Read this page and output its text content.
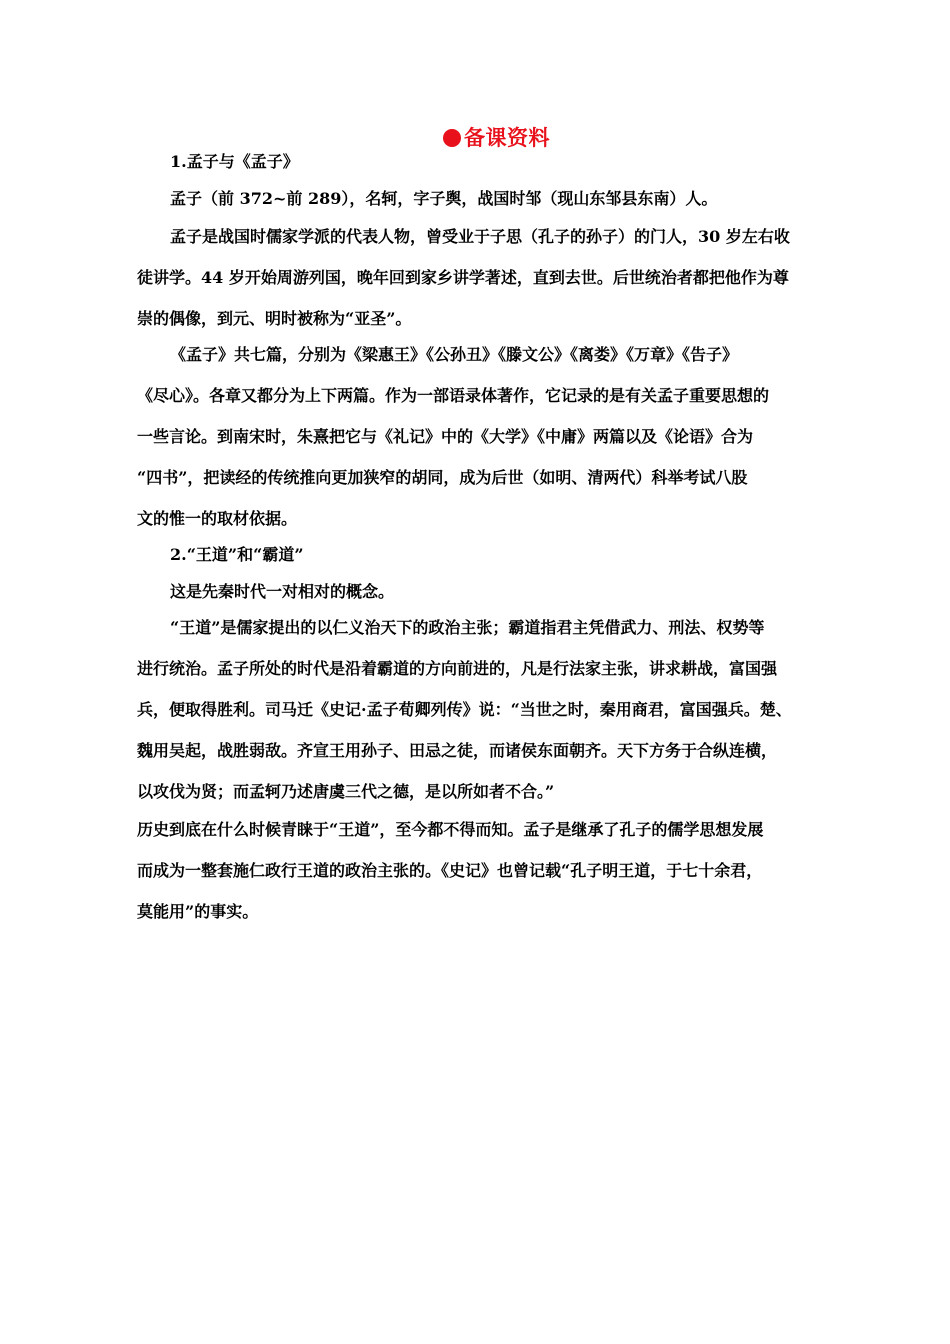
备课资料
1.孟子与《孟子》
孟子（前 372~前 289），名轲，字子舆，战国时邹（现山东邹县东南）人。
孟子是战国时儒家学派的代表人物，曾受业于子思（孔子的孙子）的门人，30 岁左右收
徒讲学。44 岁开始周游列国，晚年回到家乡讲学著述，直到去世。后世统治者都把他作为尊
崇的偶像，到元、明时被称为“亚圣”。
《孟子》共七篇，分别为《梁惠王》《公孙丑》《滕文公》《离娄》《万章》《告子》
《尽心》。各章又都分为上下两篇。作为一部语录体著作，它记录的是有关孟子重要思想的
一些言论。到南宋时，朱熹把它与《礼记》中的《大学》《中庸》两篇以及《论语》合为
“四书”，把读经的传统推向更加狭窄的胡同，成为后世（如明、清两代）科举考试八股
文的惟一的取材依据。
2.“王道”和“霸道”
这是先秦时代一对相对的概念。
“王道”是儒家提出的以仁义治天下的政治主张；霸道指君主凭借武力、刑法、权势等
进行统治。孟子所处的时代是沿着霸道的方向前进的，凡是行法家主张，讲求耕战，富国强
兵，便取得胜利。司马迁《史记·孟子荀卿列传》说：“当世之时，秦用商君，富国强兵。楚、
魏用吴起，战胜弱敌。齐宣王用孙子、田忌之徒，而诸侯东面朝齐。天下方务于合纵连横，
以攻伐为贤；而孟轲乃述唐虞三代之德，是以所如者不合。”
历史到底在什么时候青睐于“王道”，至今都不得而知。孟子是继承了孔子的儒学思想发展
而成为一整套施仁政行王道的政治主张的。《史记》也曾记载“孔子明王道，于七十余君，
莫能用”的事实。
